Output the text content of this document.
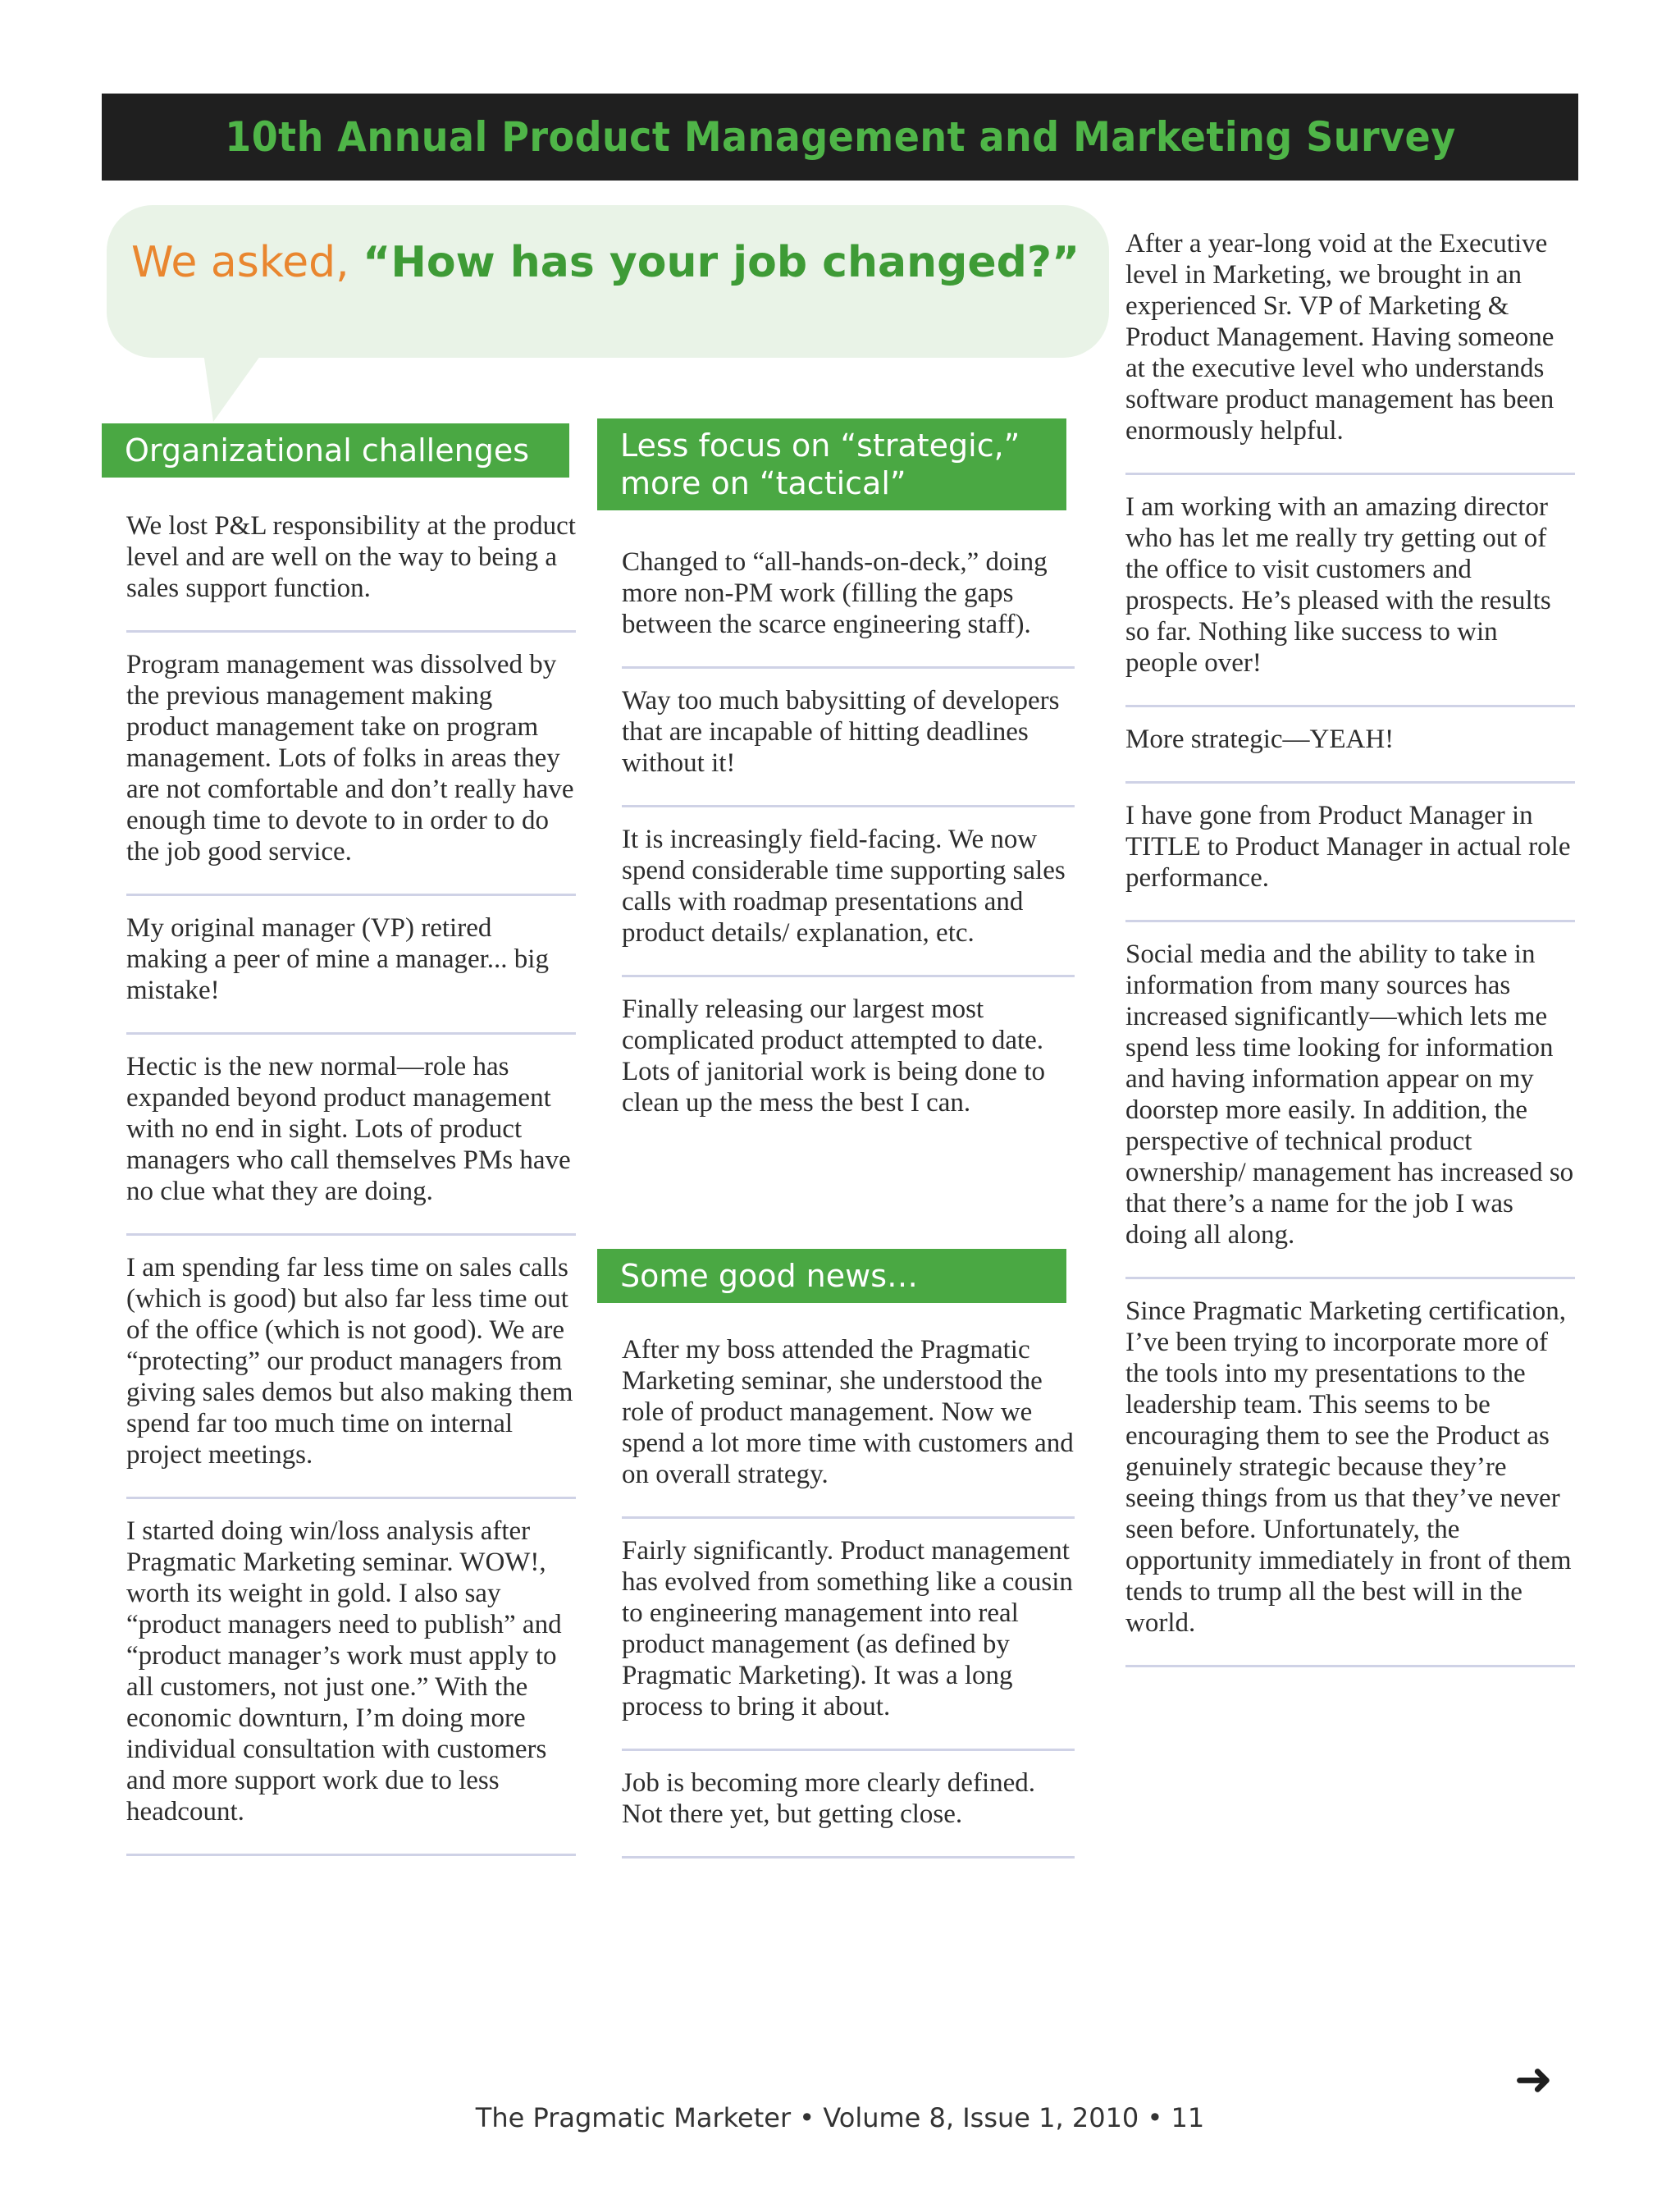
10th Annual Product Management and Marketing Survey
We asked, “How has your job changed?”
Organizational challenges
We lost P&L responsibility at the product level and are well on the way to being a sales support function.
Program management was dissolved by the previous management making product management take on program management. Lots of folks in areas they are not comfortable and don’t really have enough time to devote to in order to do the job good service.
My original manager (VP) retired making a peer of mine a manager... big mistake!
Hectic is the new normal—role has expanded beyond product management with no end in sight. Lots of product managers who call themselves PMs have no clue what they are doing.
I am spending far less time on sales calls (which is good) but also far less time out of the office (which is not good). We are “protecting” our product managers from giving sales demos but also making them spend far too much time on internal project meetings.
I started doing win/loss analysis after Pragmatic Marketing seminar. WOW!, worth its weight in gold. I also say “product managers need to publish” and “product manager’s work must apply to all customers, not just one.” With the economic downturn, I’m doing more individual consultation with customers and more support work due to less headcount.
Less focus on “strategic,” more on “tactical”
Changed to “all-hands-on-deck,” doing more non-PM work (filling the gaps between the scarce engineering staff).
Way too much babysitting of developers that are incapable of hitting deadlines without it!
It is increasingly field-facing. We now spend considerable time supporting sales calls with roadmap presentations and product details/ explanation, etc.
Finally releasing our largest most complicated product attempted to date. Lots of janitorial work is being done to clean up the mess the best I can.
Some good news…
After my boss attended the Pragmatic Marketing seminar, she understood the role of product management. Now we spend a lot more time with customers and on overall strategy.
Fairly significantly. Product management has evolved from something like a cousin to engineering management into real product management (as defined by Pragmatic Marketing). It was a long process to bring it about.
Job is becoming more clearly defined. Not there yet, but getting close.
After a year-long void at the Executive level in Marketing, we brought in an experienced Sr. VP of Marketing & Product Management. Having someone at the executive level who understands software product management has been enormously helpful.
I am working with an amazing director who has let me really try getting out of the office to visit customers and prospects. He’s pleased with the results so far. Nothing like success to win people over!
More strategic—YEAH!
I have gone from Product Manager in TITLE to Product Manager in actual role performance.
Social media and the ability to take in information from many sources has increased significantly—which lets me spend less time looking for information and having information appear on my doorstep more easily. In addition, the perspective of technical product ownership/ management has increased so that there’s a name for the job I was doing all along.
Since Pragmatic Marketing certification, I’ve been trying to incorporate more of the tools into my presentations to the leadership team. This seems to be encouraging them to see the Product as genuinely strategic because they’re seeing things from us that they’ve never seen before. Unfortunately, the opportunity immediately in front of them tends to trump all the best will in the world.
➜
The Pragmatic Marketer • Volume 8, Issue 1, 2010 • 11
